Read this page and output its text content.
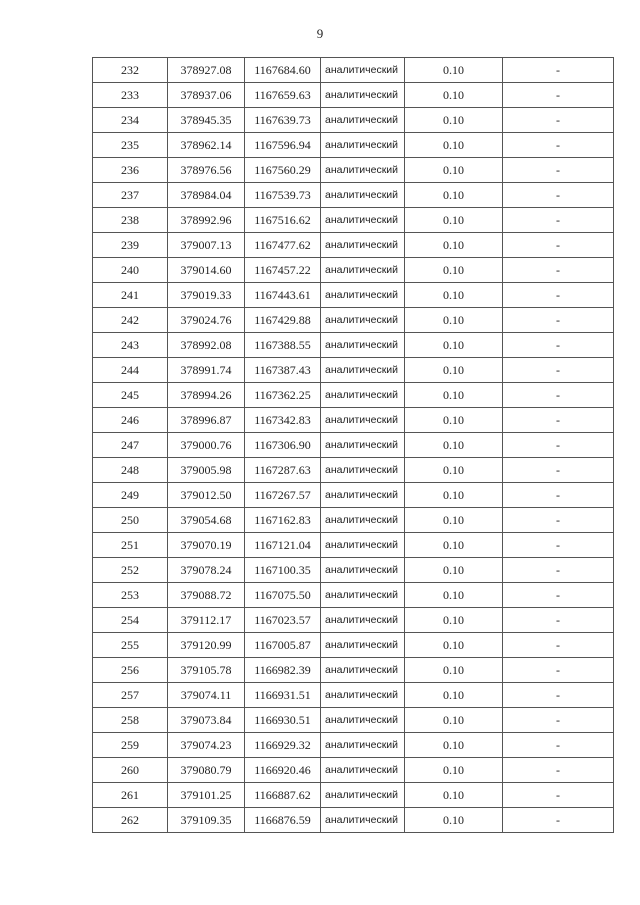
9
232	378927.08	1167684.60	аналитический	0.10	-
233	378937.06	1167659.63	аналитический	0.10	-
234	378945.35	1167639.73	аналитический	0.10	-
235	378962.14	1167596.94	аналитический	0.10	-
236	378976.56	1167560.29	аналитический	0.10	-
237	378984.04	1167539.73	аналитический	0.10	-
238	378992.96	1167516.62	аналитический	0.10	-
239	379007.13	1167477.62	аналитический	0.10	-
240	379014.60	1167457.22	аналитический	0.10	-
241	379019.33	1167443.61	аналитический	0.10	-
242	379024.76	1167429.88	аналитический	0.10	-
243	378992.08	1167388.55	аналитический	0.10	-
244	378991.74	1167387.43	аналитический	0.10	-
245	378994.26	1167362.25	аналитический	0.10	-
246	378996.87	1167342.83	аналитический	0.10	-
247	379000.76	1167306.90	аналитический	0.10	-
248	379005.98	1167287.63	аналитический	0.10	-
249	379012.50	1167267.57	аналитический	0.10	-
250	379054.68	1167162.83	аналитический	0.10	-
251	379070.19	1167121.04	аналитический	0.10	-
252	379078.24	1167100.35	аналитический	0.10	-
253	379088.72	1167075.50	аналитический	0.10	-
254	379112.17	1167023.57	аналитический	0.10	-
255	379120.99	1167005.87	аналитический	0.10	-
256	379105.78	1166982.39	аналитический	0.10	-
257	379074.11	1166931.51	аналитический	0.10	-
258	379073.84	1166930.51	аналитический	0.10	-
259	379074.23	1166929.32	аналитический	0.10	-
260	379080.79	1166920.46	аналитический	0.10	-
261	379101.25	1166887.62	аналитический	0.10	-
262	379109.35	1166876.59	аналитический	0.10	-
